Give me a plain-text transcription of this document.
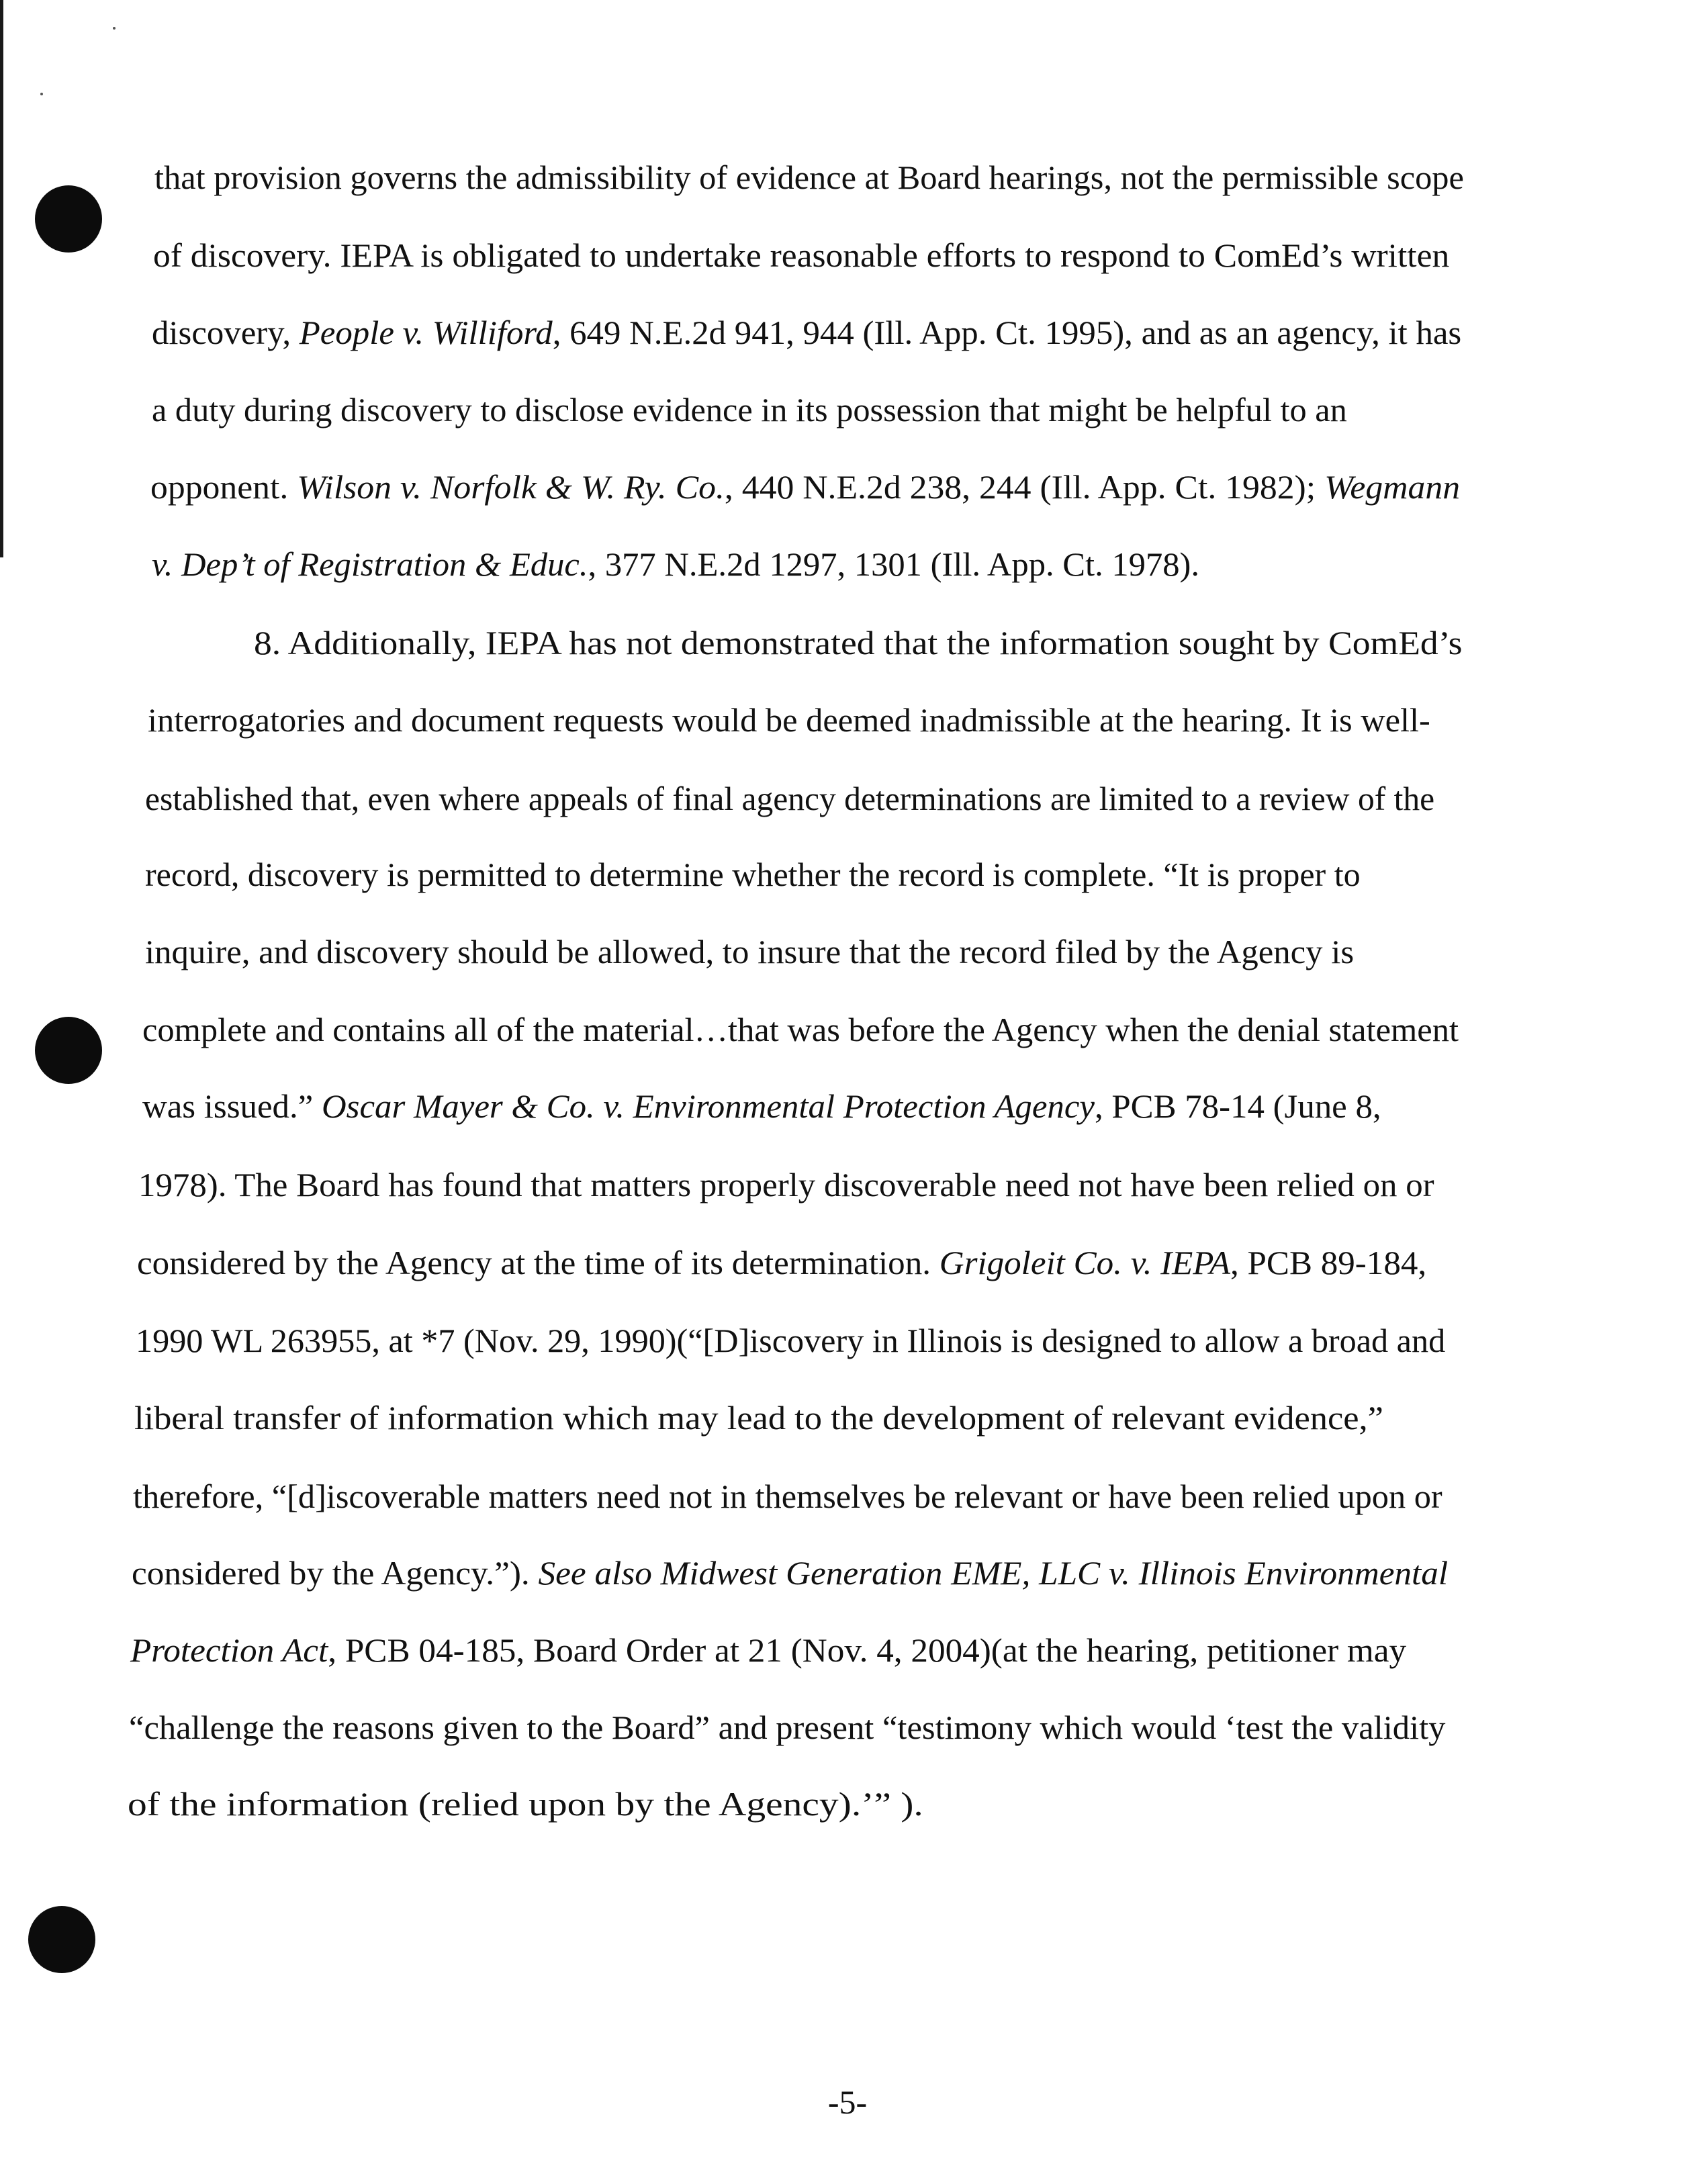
that provision governs the admissibility of evidence at Board hearings, not the permissible scope
of discovery. IEPA is obligated to undertake reasonable efforts to respond to ComEd’s written
discovery, People v. Williford, 649 N.E.2d 941, 944 (Ill. App. Ct. 1995), and as an agency, it has
a duty during discovery to disclose evidence in its possession that might be helpful to an
opponent. Wilson v. Norfolk & W. Ry. Co., 440 N.E.2d 238, 244 (Ill. App. Ct. 1982); Wegmann
v. Dep’t of Registration & Educ., 377 N.E.2d 1297, 1301 (Ill. App. Ct. 1978).
8. Additionally, IEPA has not demonstrated that the information sought by ComEd’s
interrogatories and document requests would be deemed inadmissible at the hearing. It is well-
established that, even where appeals of final agency determinations are limited to a review of the
record, discovery is permitted to determine whether the record is complete. “It is proper to
inquire, and discovery should be allowed, to insure that the record filed by the Agency is
complete and contains all of the material…that was before the Agency when the denial statement
was issued.” Oscar Mayer & Co. v. Environmental Protection Agency, PCB 78-14 (June 8,
1978). The Board has found that matters properly discoverable need not have been relied on or
considered by the Agency at the time of its determination. Grigoleit Co. v. IEPA, PCB 89-184,
1990 WL 263955, at *7 (Nov. 29, 1990)(“[D]iscovery in Illinois is designed to allow a broad and
liberal transfer of information which may lead to the development of relevant evidence,”
therefore, “[d]iscoverable matters need not in themselves be relevant or have been relied upon or
considered by the Agency.”). See also Midwest Generation EME, LLC v. Illinois Environmental
Protection Act, PCB 04-185, Board Order at 21 (Nov. 4, 2004)(at the hearing, petitioner may
“challenge the reasons given to the Board” and present “testimony which would ‘test the validity
of the information (relied upon by the Agency).’” ).
-5-
